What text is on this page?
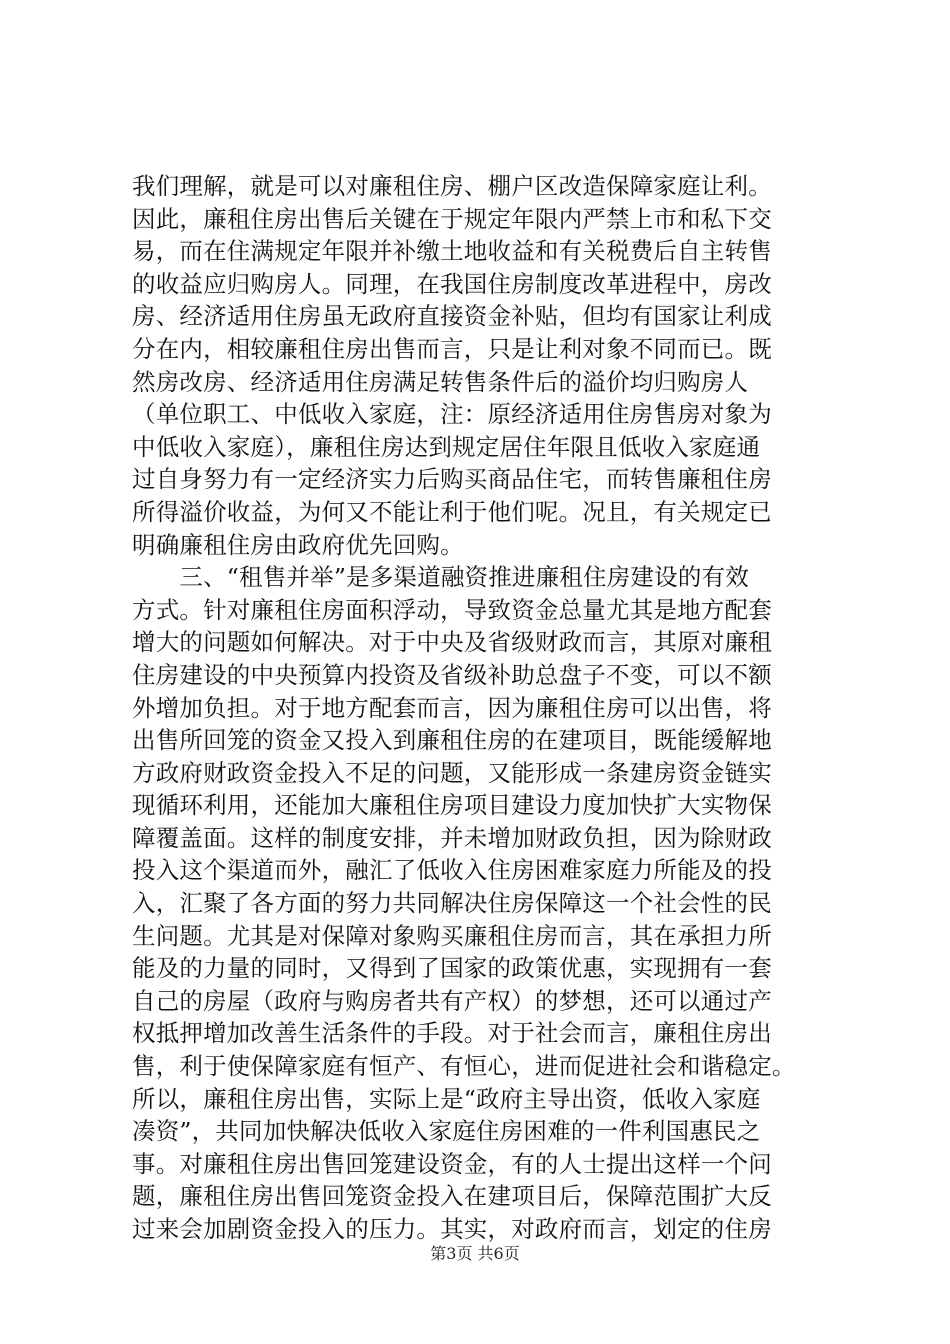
我们理解，就是可以对廉租住房、棚户区改造保障家庭让利。
因此，廉租住房出售后关键在于规定年限内严禁上市和私下交
易，而在住满规定年限并补缴土地收益和有关税费后自主转售
的收益应归购房人。同理，在我国住房制度改革进程中，房改
房、经济适用住房虽无政府直接资金补贴，但均有国家让利成
分在内，相较廉租住房出售而言，只是让利对象不同而已。既
然房改房、经济适用住房满足转售条件后的溢价均归购房人
（单位职工、中低收入家庭，注：原经济适用住房售房对象为
中低收入家庭），廉租住房达到规定居住年限且低收入家庭通
过自身努力有一定经济实力后购买商品住宅，而转售廉租住房
所得溢价收益，为何又不能让利于他们呢。况且，有关规定已
明确廉租住房由政府优先回购。
　　三、“租售并举”是多渠道融资推进廉租住房建设的有效
方式。针对廉租住房面积浮动，导致资金总量尤其是地方配套
增大的问题如何解决。对于中央及省级财政而言，其原对廉租
住房建设的中央预算内投资及省级补助总盘子不变，可以不额
外增加负担。对于地方配套而言，因为廉租住房可以出售，将
出售所回笼的资金又投入到廉租住房的在建项目，既能缓解地
方政府财政资金投入不足的问题，又能形成一条建房资金链实
现循环利用，还能加大廉租住房项目建设力度加快扩大实物保
障覆盖面。这样的制度安排，并未增加财政负担，因为除财政
投入这个渠道而外，融汇了低收入住房困难家庭力所能及的投
入，汇聚了各方面的努力共同解决住房保障这一个社会性的民
生问题。尤其是对保障对象购买廉租住房而言，其在承担力所
能及的力量的同时，又得到了国家的政策优惠，实现拥有一套
自己的房屋（政府与购房者共有产权）的梦想，还可以通过产
权抵押增加改善生活条件的手段。对于社会而言，廉租住房出
售，利于使保障家庭有恒产、有恒心，进而促进社会和谐稳定。
所以，廉租住房出售，实际上是“政府主导出资，低收入家庭
凑资”，共同加快解决低收入家庭住房困难的一件利国惠民之
事。对廉租住房出售回笼建设资金，有的人士提出这样一个问
题，廉租住房出售回笼资金投入在建项目后，保障范围扩大反
过来会加剧资金投入的压力。其实，对政府而言，划定的住房
第3页 共6页
